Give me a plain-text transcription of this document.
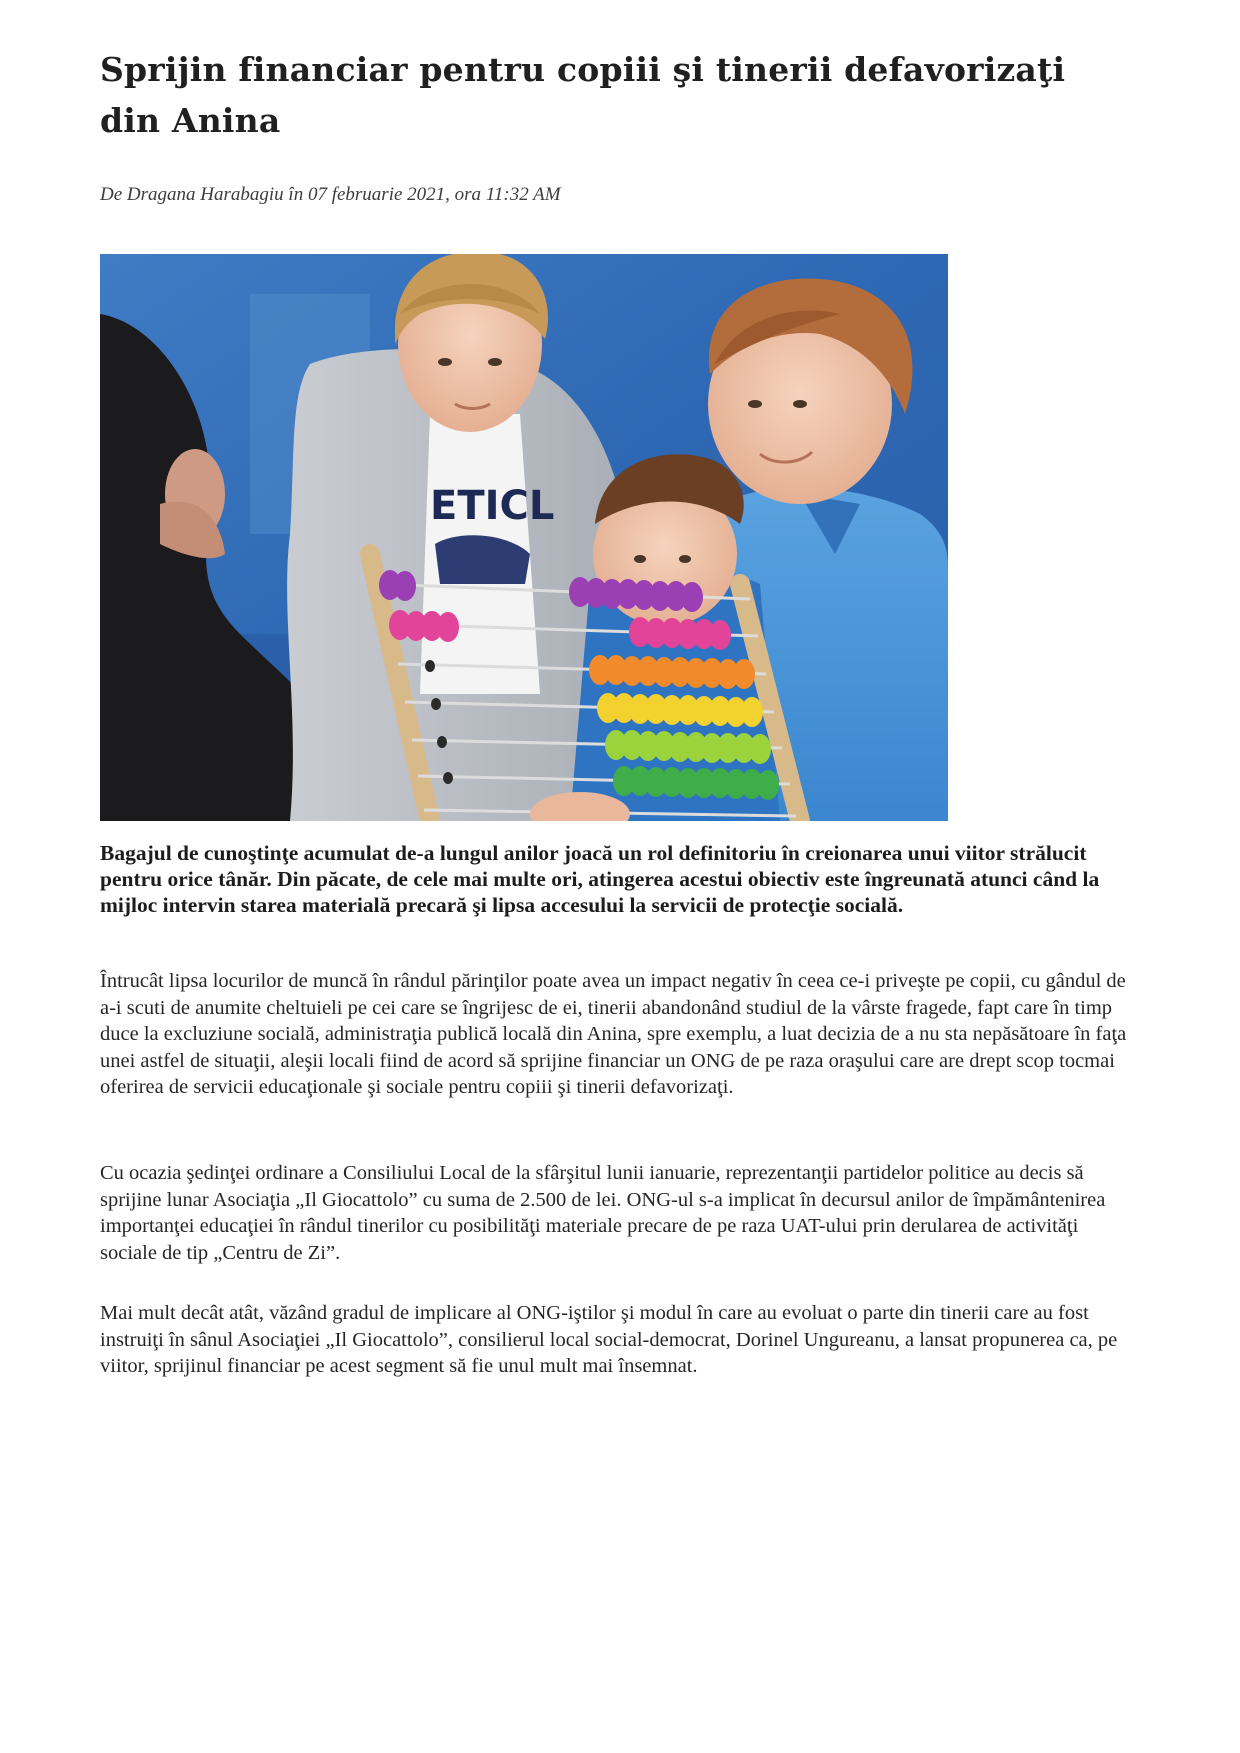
Sprijin financiar pentru copiii şi tinerii defavorizaţi din Anina

De Dragana Harabagiu în 07 februarie 2021, ora 11:32 AM

ETICL

Bagajul de cunoştinţe acumulat de-a lungul anilor joacă un rol definitoriu în creionarea unui viitor strălucit pentru orice tânăr. Din păcate, de cele mai multe ori, atingerea acestui obiectiv este îngreunată atunci când la mijloc intervin starea materială precară şi lipsa accesului la servicii de protecţie socială.

Întrucât lipsa locurilor de muncă în rândul părinţilor poate avea un impact negativ în ceea ce-i priveşte pe copii, cu gândul de a-i scuti de anumite cheltuieli pe cei care se îngrijesc de ei, tinerii abandonând studiul de la vârste fragede, fapt care în timp duce la excluziune socială, administraţia publică locală din Anina, spre exemplu, a luat decizia de a nu sta nepăsătoare în faţa unei astfel de situaţii, aleşii locali fiind de acord să sprijine financiar un ONG de pe raza oraşului care are drept scop tocmai oferirea de servicii educaţionale şi sociale pentru copiii şi tinerii defavorizaţi.

Cu ocazia şedinţei ordinare a Consiliului Local de la sfârşitul lunii ianuarie, reprezentanţii partidelor politice au decis să sprijine lunar Asociaţia „Il Giocattolo” cu suma de 2.500 de lei. ONG-ul s-a implicat în decursul anilor de împământenirea importanţei educaţiei în rândul tinerilor cu posibilităţi materiale precare de pe raza UAT-ului prin derularea de activităţi sociale de tip „Centru de Zi”.

Mai mult decât atât, văzând gradul de implicare al ONG-iştilor şi modul în care au evoluat o parte din tinerii care au fost instruiţi în sânul Asociaţiei „Il Giocattolo”, consilierul local social-democrat, Dorinel Ungureanu, a lansat propunerea ca, pe viitor, sprijinul financiar pe acest segment să fie unul mult mai însemnat.
